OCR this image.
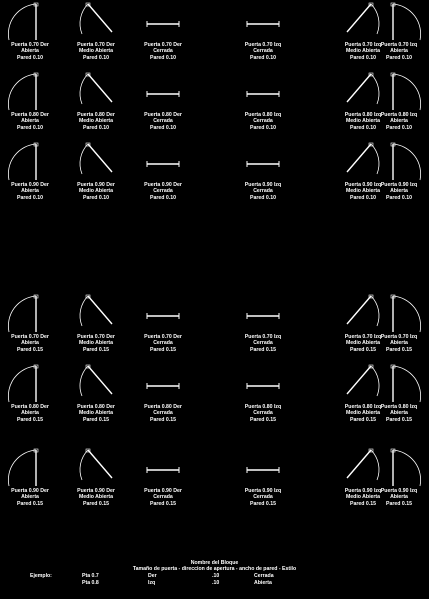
Puerta 0.70 Der
Abierta
Pared 0.10
Puerta 0.70 Der
Medio Abierta
Pared 0.10
Puerta 0.70 Der
Cerrada
Pared 0.10
Puerta 0.70 Izq
Cerrada
Pared 0.10
Puerta 0.70 Izq
Medio Abierta
Pared 0.10
Puerta 0.70 Izq
Abierta
Pared 0.10
Puerta 0.80 Der
Abierta
Pared 0.10
Puerta 0.80 Der
Medio Abierta
Pared 0.10
Puerta 0.80 Der
Cerrada
Pared 0.10
Puerta 0.80 Izq
Cerrada
Pared 0.10
Puerta 0.80 Izq
Medio Abierta
Pared 0.10
Puerta 0.80 Izq
Abierta
Pared 0.10
Puerta 0.90 Der
Abierta
Pared 0.10
Puerta 0.90 Der
Medio Abierta
Pared 0.10
Puerta 0.90 Der
Cerrada
Pared 0.10
Puerta 0.90 Izq
Cerrada
Pared 0.10
Puerta 0.90 Izq
Medio Abierta
Pared 0.10
Puerta 0.90 Izq
Abierta
Pared 0.10
Puerta 0.70 Der
Abierta
Pared 0.15
Puerta 0.70 Der
Medio Abierta
Pared 0.15
Puerta 0.70 Der
Cerrada
Pared 0.15
Puerta 0.70 Izq
Cerrada
Pared 0.15
Puerta 0.70 Izq
Medio Abierta
Pared 0.15
Puerta 0.70 Izq
Abierta
Pared 0.15
Puerta 0.80 Der
Abierta
Pared 0.15
Puerta 0.80 Der
Medio Abierta
Pared 0.15
Puerta 0.80 Der
Cerrada
Pared 0.15
Puerta 0.80 Izq
Cerrada
Pared 0.15
Puerta 0.80 Izq
Medio Abierta
Pared 0.15
Puerta 0.80 Izq
Abierta
Pared 0.15
Puerta 0.90 Der
Abierta
Pared 0.15
Puerta 0.90 Der
Medio Abierta
Pared 0.15
Puerta 0.90 Der
Cerrada
Pared 0.15
Puerta 0.90 Izq
Cerrada
Pared 0.15
Puerta 0.90 Izq
Medio Abierta
Pared 0.15
Puerta 0.90 Izq
Abierta
Pared 0.15
Nombre del Bloque
Tamaño de puerta - direccion de apertura - ancho de pared - Estilo
Ejemplo:	Pta 0.7	Der	.10	Cerrada
Pta 0.8	Izq	.10	Abierta
